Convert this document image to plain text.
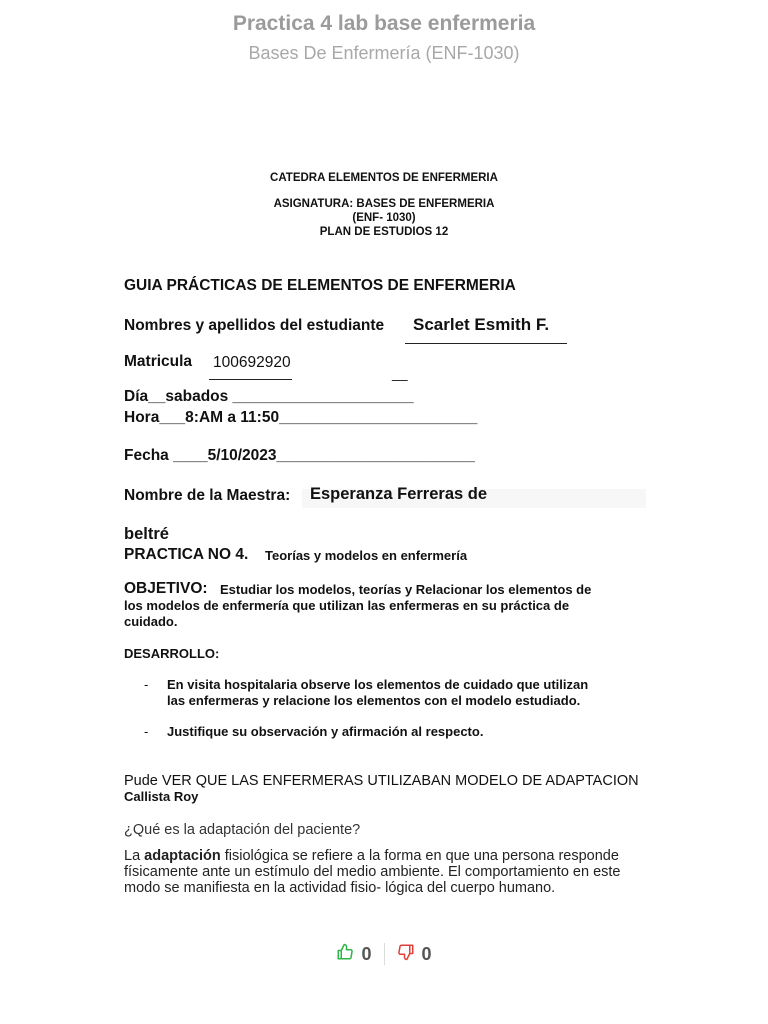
Practica 4 lab base enfermeria
Bases De Enfermería (ENF-1030)
CATEDRA ELEMENTOS DE ENFERMERIA
ASIGNATURA: BASES DE ENFERMERIA
(ENF- 1030)
PLAN DE ESTUDIOS 12
GUIA PRÁCTICAS DE ELEMENTOS DE ENFERMERIA
Nombres y apellidos del estudiante Scarlet Esmith F.
Matricula 100692920
__
Día__sabados _____________________
Hora___8:AM a 11:50_______________________
Fecha ____5/10/2023_______________________
Nombre de la Maestra: Esperanza Ferreras de
beltré
PRACTICA NO 4. Teorías y modelos en enfermería
OBJETIVO: Estudiar los modelos, teorías y Relacionar los elementos de
los modelos de enfermería que utilizan las enfermeras en su práctica de
cuidado.
DESARROLLO:
- En visita hospitalaria observe los elementos de cuidado que utilizan
las enfermeras y relacione los elementos con el modelo estudiado.
- Justifique su observación y afirmación al respecto.
Pude VER QUE LAS ENFERMERAS UTILIZABAN MODELO DE ADAPTACION
Callista Roy
¿Qué es la adaptación del paciente?
La adaptación fisiológica se refiere a la forma en que una persona responde
físicamente ante un estímulo del medio ambiente. El comportamiento en este
modo se manifiesta en la actividad fisio- lógica del cuerpo humano.
0	0
